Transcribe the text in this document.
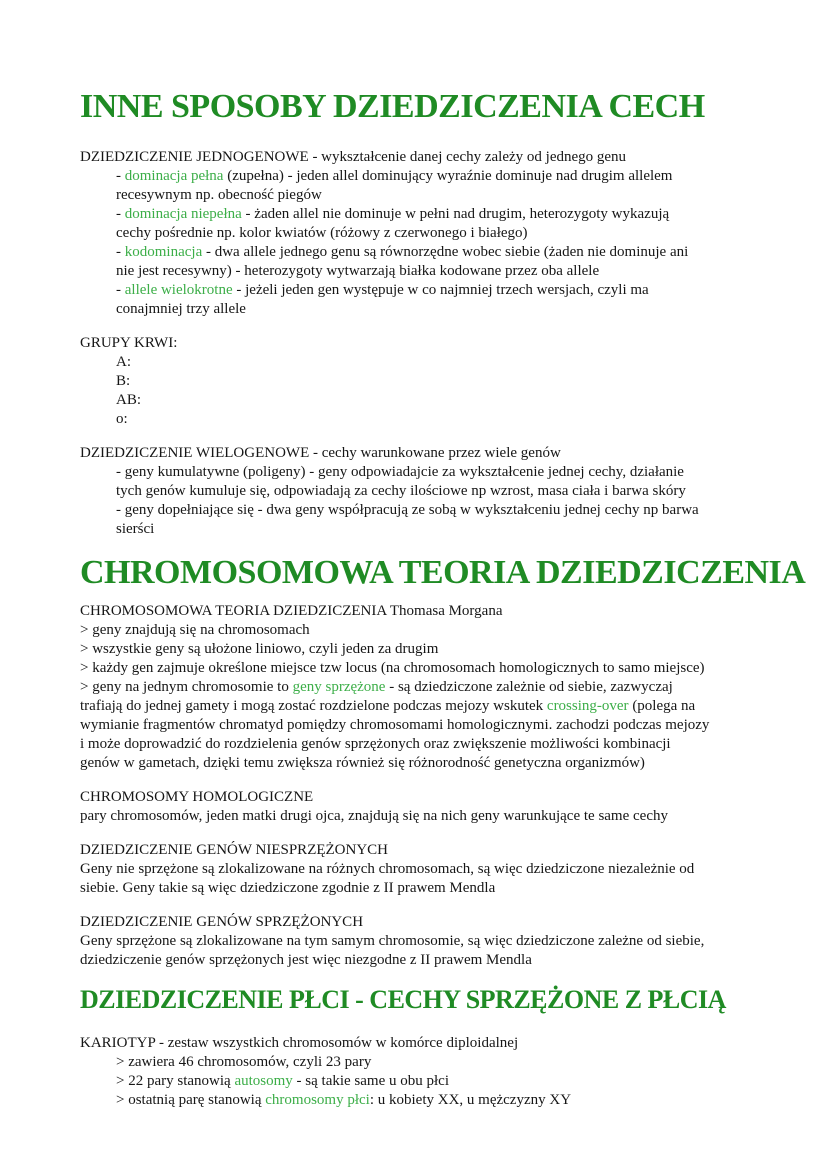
INNE SPOSOBY DZIEDZICZENIA CECH
DZIEDZICZENIE JEDNOGENOWE - wykształcenie danej cechy zależy od jednego genu
- dominacja pełna (zupełna) - jeden allel dominujący wyraźnie dominuje nad drugim allelem
recesywnym np. obecność piegów
- dominacja niepełna - żaden allel nie dominuje w pełni nad drugim, heterozygoty wykazują
cechy pośrednie np. kolor kwiatów (różowy z czerwonego i białego)
- kodominacja - dwa allele jednego genu są równorzędne wobec siebie (żaden nie dominuje ani
nie jest recesywny) - heterozygoty wytwarzają białka kodowane przez oba allele
- allele wielokrotne - jeżeli jeden gen występuje w co najmniej trzech wersjach, czyli ma
conajmniej trzy allele
GRUPY KRWI:
A:
B:
AB:
o:
DZIEDZICZENIE WIELOGENOWE - cechy warunkowane przez wiele genów
- geny kumulatywne (poligeny) - geny odpowiadajcie za wykształcenie jednej cechy, działanie
tych genów kumuluje się, odpowiadają za cechy ilościowe np wzrost, masa ciała i barwa skóry
- geny dopełniające się - dwa geny współpracują ze sobą w wykształceniu jednej cechy np barwa
sierści
CHROMOSOMOWA TEORIA DZIEDZICZENIA
CHROMOSOMOWA TEORIA DZIEDZICZENIA Thomasa Morgana
> geny znajdują się na chromosomach
> wszystkie geny są ułożone liniowo, czyli jeden za drugim
> każdy gen zajmuje określone miejsce tzw locus (na chromosomach homologicznych to samo miejsce)
> geny na jednym chromosomie to geny sprzężone - są dziedziczone zależnie od siebie, zazwyczaj
trafiają do jednej gamety i mogą zostać rozdzielone podczas mejozy wskutek crossing-over (polega na
wymianie fragmentów chromatyd pomiędzy chromosomami homologicznymi. zachodzi podczas mejozy
i może doprowadzić do rozdzielenia genów sprzężonych oraz zwiększenie możliwości kombinacji
genów w gametach, dzięki temu zwiększa również się różnorodność genetyczna organizmów)
CHROMOSOMY HOMOLOGICZNE
pary chromosomów, jeden matki drugi ojca, znajdują się na nich geny warunkujące te same cechy
DZIEDZICZENIE GENÓW NIESPRZĘŻONYCH
Geny nie sprzężone są zlokalizowane na różnych chromosomach, są więc dziedziczone niezależnie od
siebie. Geny takie są więc dziedziczone zgodnie z II prawem Mendla
DZIEDZICZENIE GENÓW SPRZĘŻONYCH
Geny sprzężone są zlokalizowane na tym samym chromosomie, są więc dziedziczone zależne od siebie,
dziedziczenie genów sprzężonych jest więc niezgodne z II prawem Mendla
DZIEDZICZENIE PŁCI - CECHY SPRZĘŻONE Z PŁCIĄ
KARIOTYP - zestaw wszystkich chromosomów w komórce diploidalnej
> zawiera 46 chromosomów, czyli 23 pary
> 22 pary stanowią autosomy - są takie same u obu płci
> ostatnią parę stanowią chromosomy płci: u kobiety XX, u mężczyzny XY
